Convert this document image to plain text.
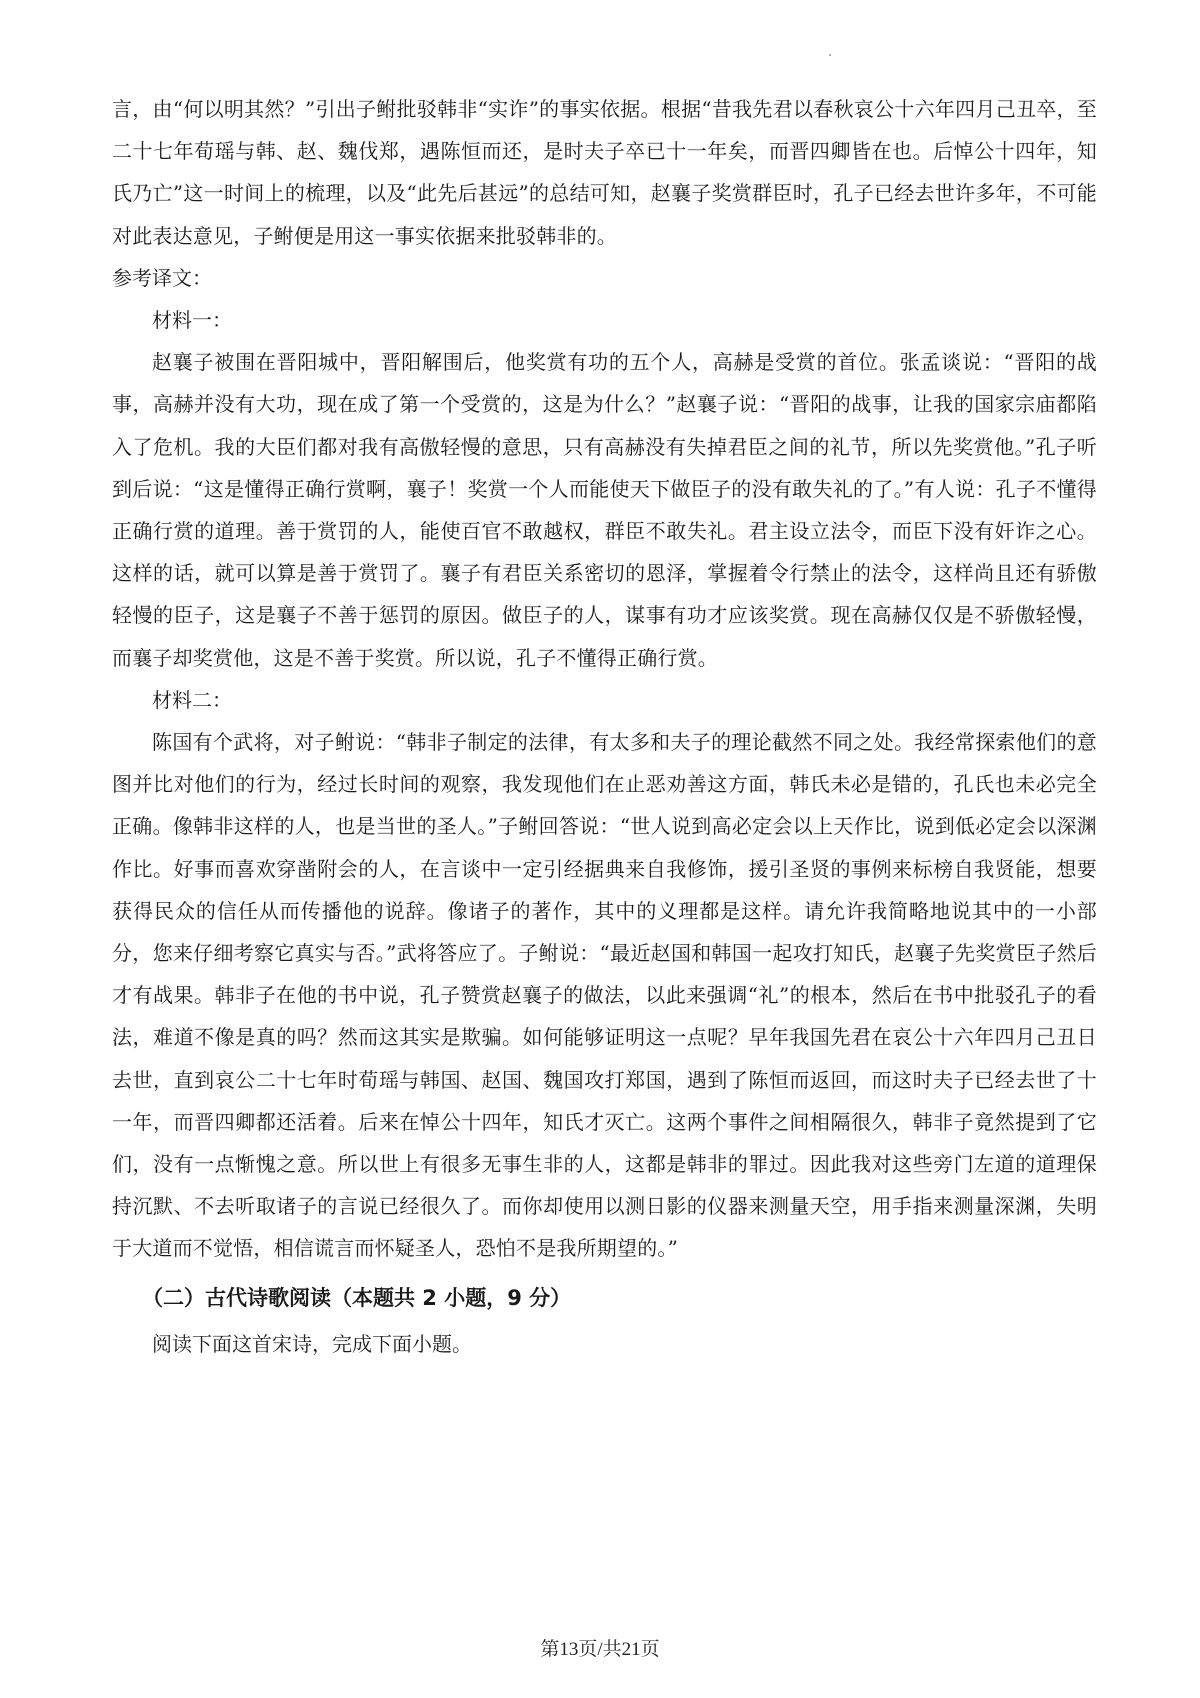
言，由“何以明其然？”引出子鲋批驳韩非“实诈”的事实依据。根据“昔我先君以春秋哀公十六年四月己丑卒，至二十七年荀瑶与韩、赵、魏伐郑，遇陈恒而还，是时夫子卒已十一年矣，而晋四卿皆在也。后悼公十四年，知氏乃亡”这一时间上的梳理，以及“此先后甚远”的总结可知，赵襄子奖赏群臣时，孔子已经去世许多年，不可能对此表达意见，子鲋便是用这一事实依据来批驳韩非的。

参考译文：

材料一：

赵襄子被围在晋阳城中，晋阳解围后，他奖赏有功的五个人，高赫是受赏的首位。张孟谈说：“晋阳的战事，高赫并没有大功，现在成了第一个受赏的，这是为什么？”赵襄子说：“晋阳的战事，让我的国家宗庙都陷入了危机。我的大臣们都对我有高傲轻慢的意思，只有高赫没有失掉君臣之间的礼节，所以先奖赏他。”孔子听到后说：“这是懂得正确行赏啊，襄子！奖赏一个人而能使天下做臣子的没有敢失礼的了。”有人说：孔子不懂得正确行赏的道理。善于赏罚的人，能使百官不敢越权，群臣不敢失礼。君主设立法令，而臣下没有奸诈之心。这样的话，就可以算是善于赏罚了。襄子有君臣关系密切的恩泽，掌握着令行禁止的法令，这样尚且还有骄傲轻慢的臣子，这是襄子不善于惩罚的原因。做臣子的人，谋事有功才应该奖赏。现在高赫仅仅是不骄傲轻慢，而襄子却奖赏他，这是不善于奖赏。所以说，孔子不懂得正确行赏。

材料二：

陈国有个武将，对子鲋说：“韩非子制定的法律，有太多和夫子的理论截然不同之处。我经常探索他们的意图并比对他们的行为，经过长时间的观察，我发现他们在止恶劝善这方面，韩氏未必是错的，孔氏也未必完全正确。像韩非这样的人，也是当世的圣人。”子鲋回答说：“世人说到高必定会以上天作比，说到低必定会以深渊作比。好事而喜欢穿凿附会的人，在言谈中一定引经据典来自我修饰，援引圣贤的事例来标榜自我贤能，想要获得民众的信任从而传播他的说辞。像诸子的著作，其中的义理都是这样。请允许我简略地说其中的一小部分，您来仔细考察它真实与否。”武将答应了。子鲋说：“最近赵国和韩国一起攻打知氏，赵襄子先奖赏臣子然后才有战果。韩非子在他的书中说，孔子赞赏赵襄子的做法，以此来强调“礼”的根本，然后在书中批驳孔子的看法，难道不像是真的吗？然而这其实是欺骗。如何能够证明这一点呢？早年我国先君在哀公十六年四月己丑日去世，直到哀公二十七年时荀瑶与韩国、赵国、魏国攻打郑国，遇到了陈恒而返回，而这时夫子已经去世了十一年，而晋四卿都还活着。后来在悼公十四年，知氏才灭亡。这两个事件之间相隔很久，韩非子竟然提到了它们，没有一点惭愧之意。所以世上有很多无事生非的人，这都是韩非的罪过。因此我对这些旁门左道的道理保持沉默、不去听取诸子的言说已经很久了。而你却使用以测日影的仪器来测量天空，用手指来测量深渊，失明于大道而不觉悟，相信谎言而怀疑圣人，恐怕不是我所期望的。”

（二）古代诗歌阅读（本题共 2 小题，9 分）

阅读下面这首宋诗，完成下面小题。

第13页/共21页
